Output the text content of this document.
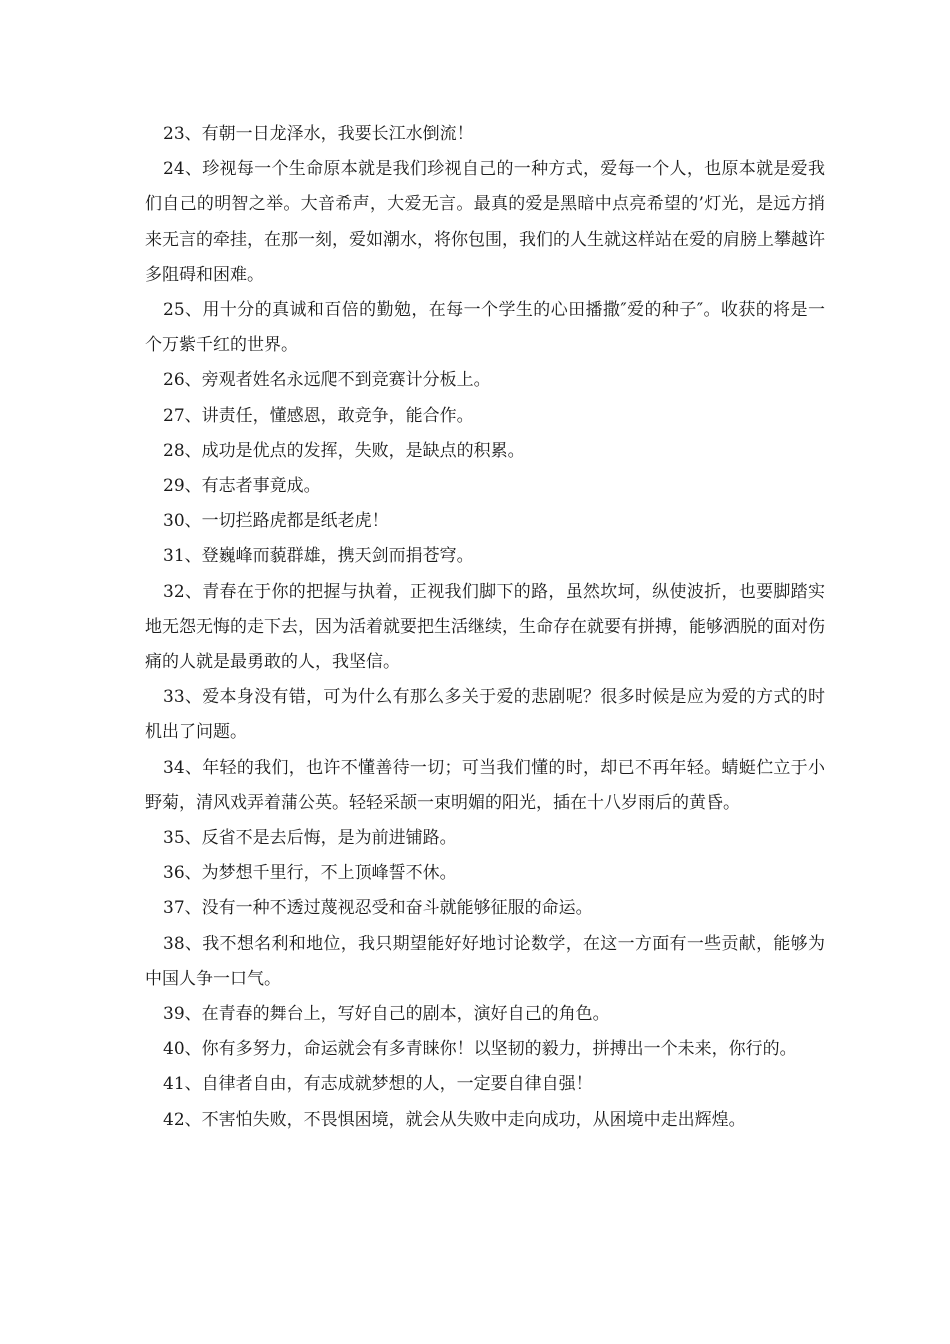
23、有朝一日龙泽水，我要长江水倒流！

24、珍视每一个生命原本就是我们珍视自己的一种方式，爱每一个人，也原本就是爱我们自己的明智之举。大音希声，大爱无言。最真的爱是黑暗中点亮希望的’灯光，是远方捎来无言的牵挂，在那一刻，爱如潮水，将你包围，我们的人生就这样站在爱的肩膀上攀越许多阻碍和困难。

25、用十分的真诚和百倍的勤勉，在每一个学生的心田播撒″爱的种子″。收获的将是一个万紫千红的世界。

26、旁观者姓名永远爬不到竞赛计分板上。

27、讲责任，懂感恩，敢竞争，能合作。

28、成功是优点的发挥，失败，是缺点的积累。

29、有志者事竟成。

30、一切拦路虎都是纸老虎！

31、登巍峰而藐群雄，携天剑而捐苍穹。

32、青春在于你的把握与执着，正视我们脚下的路，虽然坎坷，纵使波折，也要脚踏实地无怨无悔的走下去，因为活着就要把生活继续，生命存在就要有拼搏，能够洒脱的面对伤痛的人就是最勇敢的人，我坚信。

33、爱本身没有错，可为什么有那么多关于爱的悲剧呢？很多时候是应为爱的方式的时机出了问题。

34、年轻的我们，也许不懂善待一切；可当我们懂的时，却已不再年轻。蜻蜓伫立于小野菊，清风戏弄着蒲公英。轻轻采颉一束明媚的阳光，插在十八岁雨后的黄昏。

35、反省不是去后悔，是为前进铺路。

36、为梦想千里行，不上顶峰誓不休。

37、没有一种不透过蔑视忍受和奋斗就能够征服的命运。

38、我不想名利和地位，我只期望能好好地讨论数学，在这一方面有一些贡献，能够为中国人争一口气。

39、在青春的舞台上，写好自己的剧本，演好自己的角色。

40、你有多努力，命运就会有多青睐你！以坚韧的毅力，拼搏出一个未来，你行的。

41、自律者自由，有志成就梦想的人，一定要自律自强！

42、不害怕失败，不畏惧困境，就会从失败中走向成功，从困境中走出辉煌。
